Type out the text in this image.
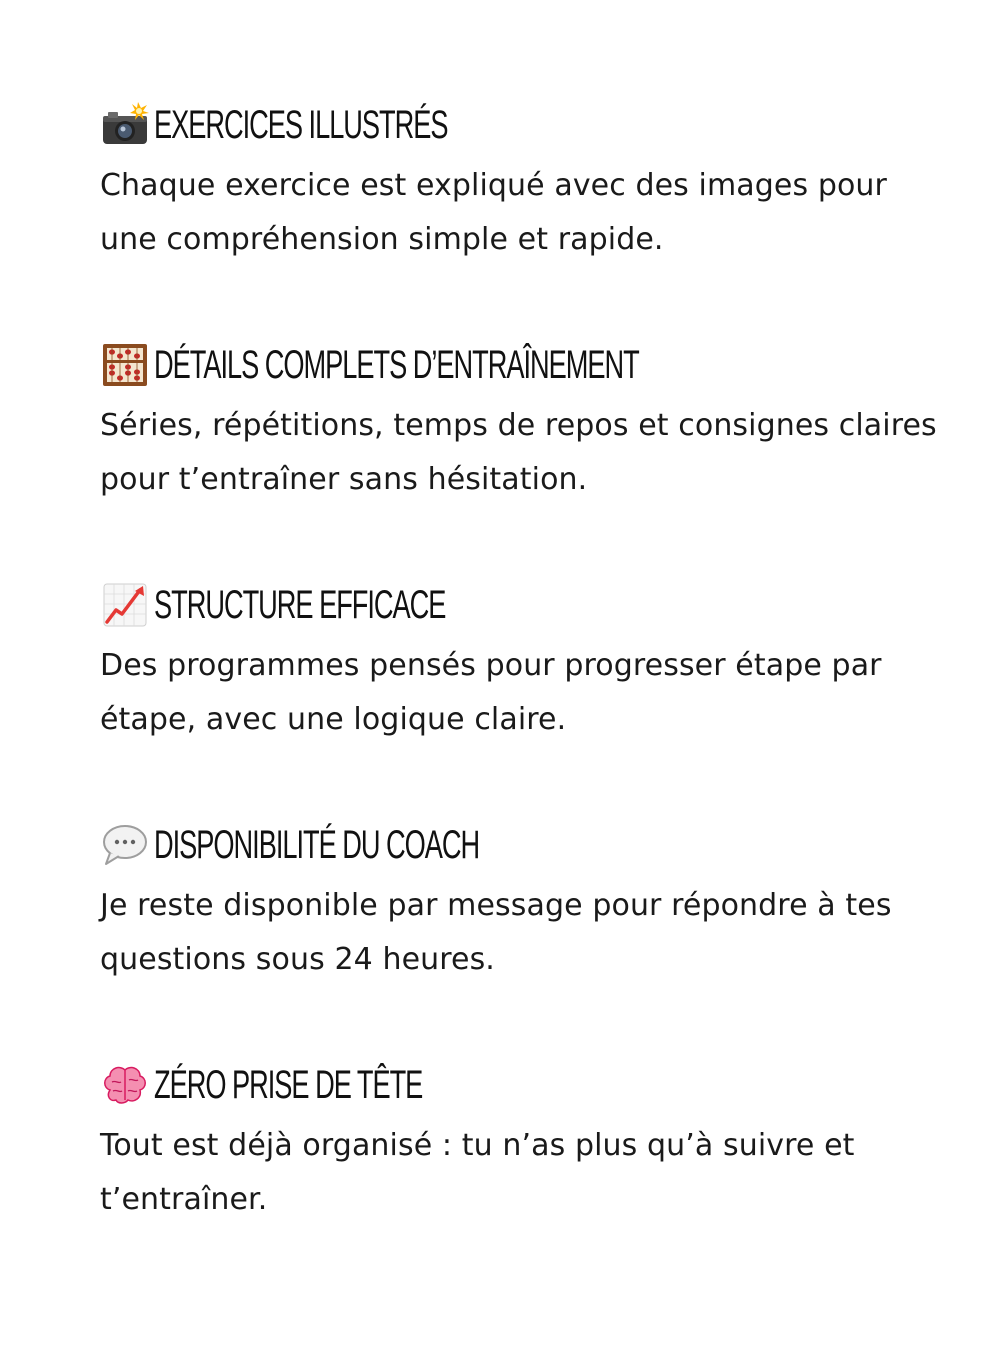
EXERCICES ILLUSTRÉS

Chaque exercice est expliqué avec des images pour une compréhension simple et rapide.

DÉTAILS COMPLETS D’ENTRAÎNEMENT

Séries, répétitions, temps de repos et consignes claires pour t’entraîner sans hésitation.

STRUCTURE EFFICACE

Des programmes pensés pour progresser étape par étape, avec une logique claire.

DISPONIBILITÉ DU COACH

Je reste disponible par message pour répondre à tes questions sous 24 heures.

ZÉRO PRISE DE TÊTE

Tout est déjà organisé : tu n’as plus qu’à suivre et t’entraîner.
